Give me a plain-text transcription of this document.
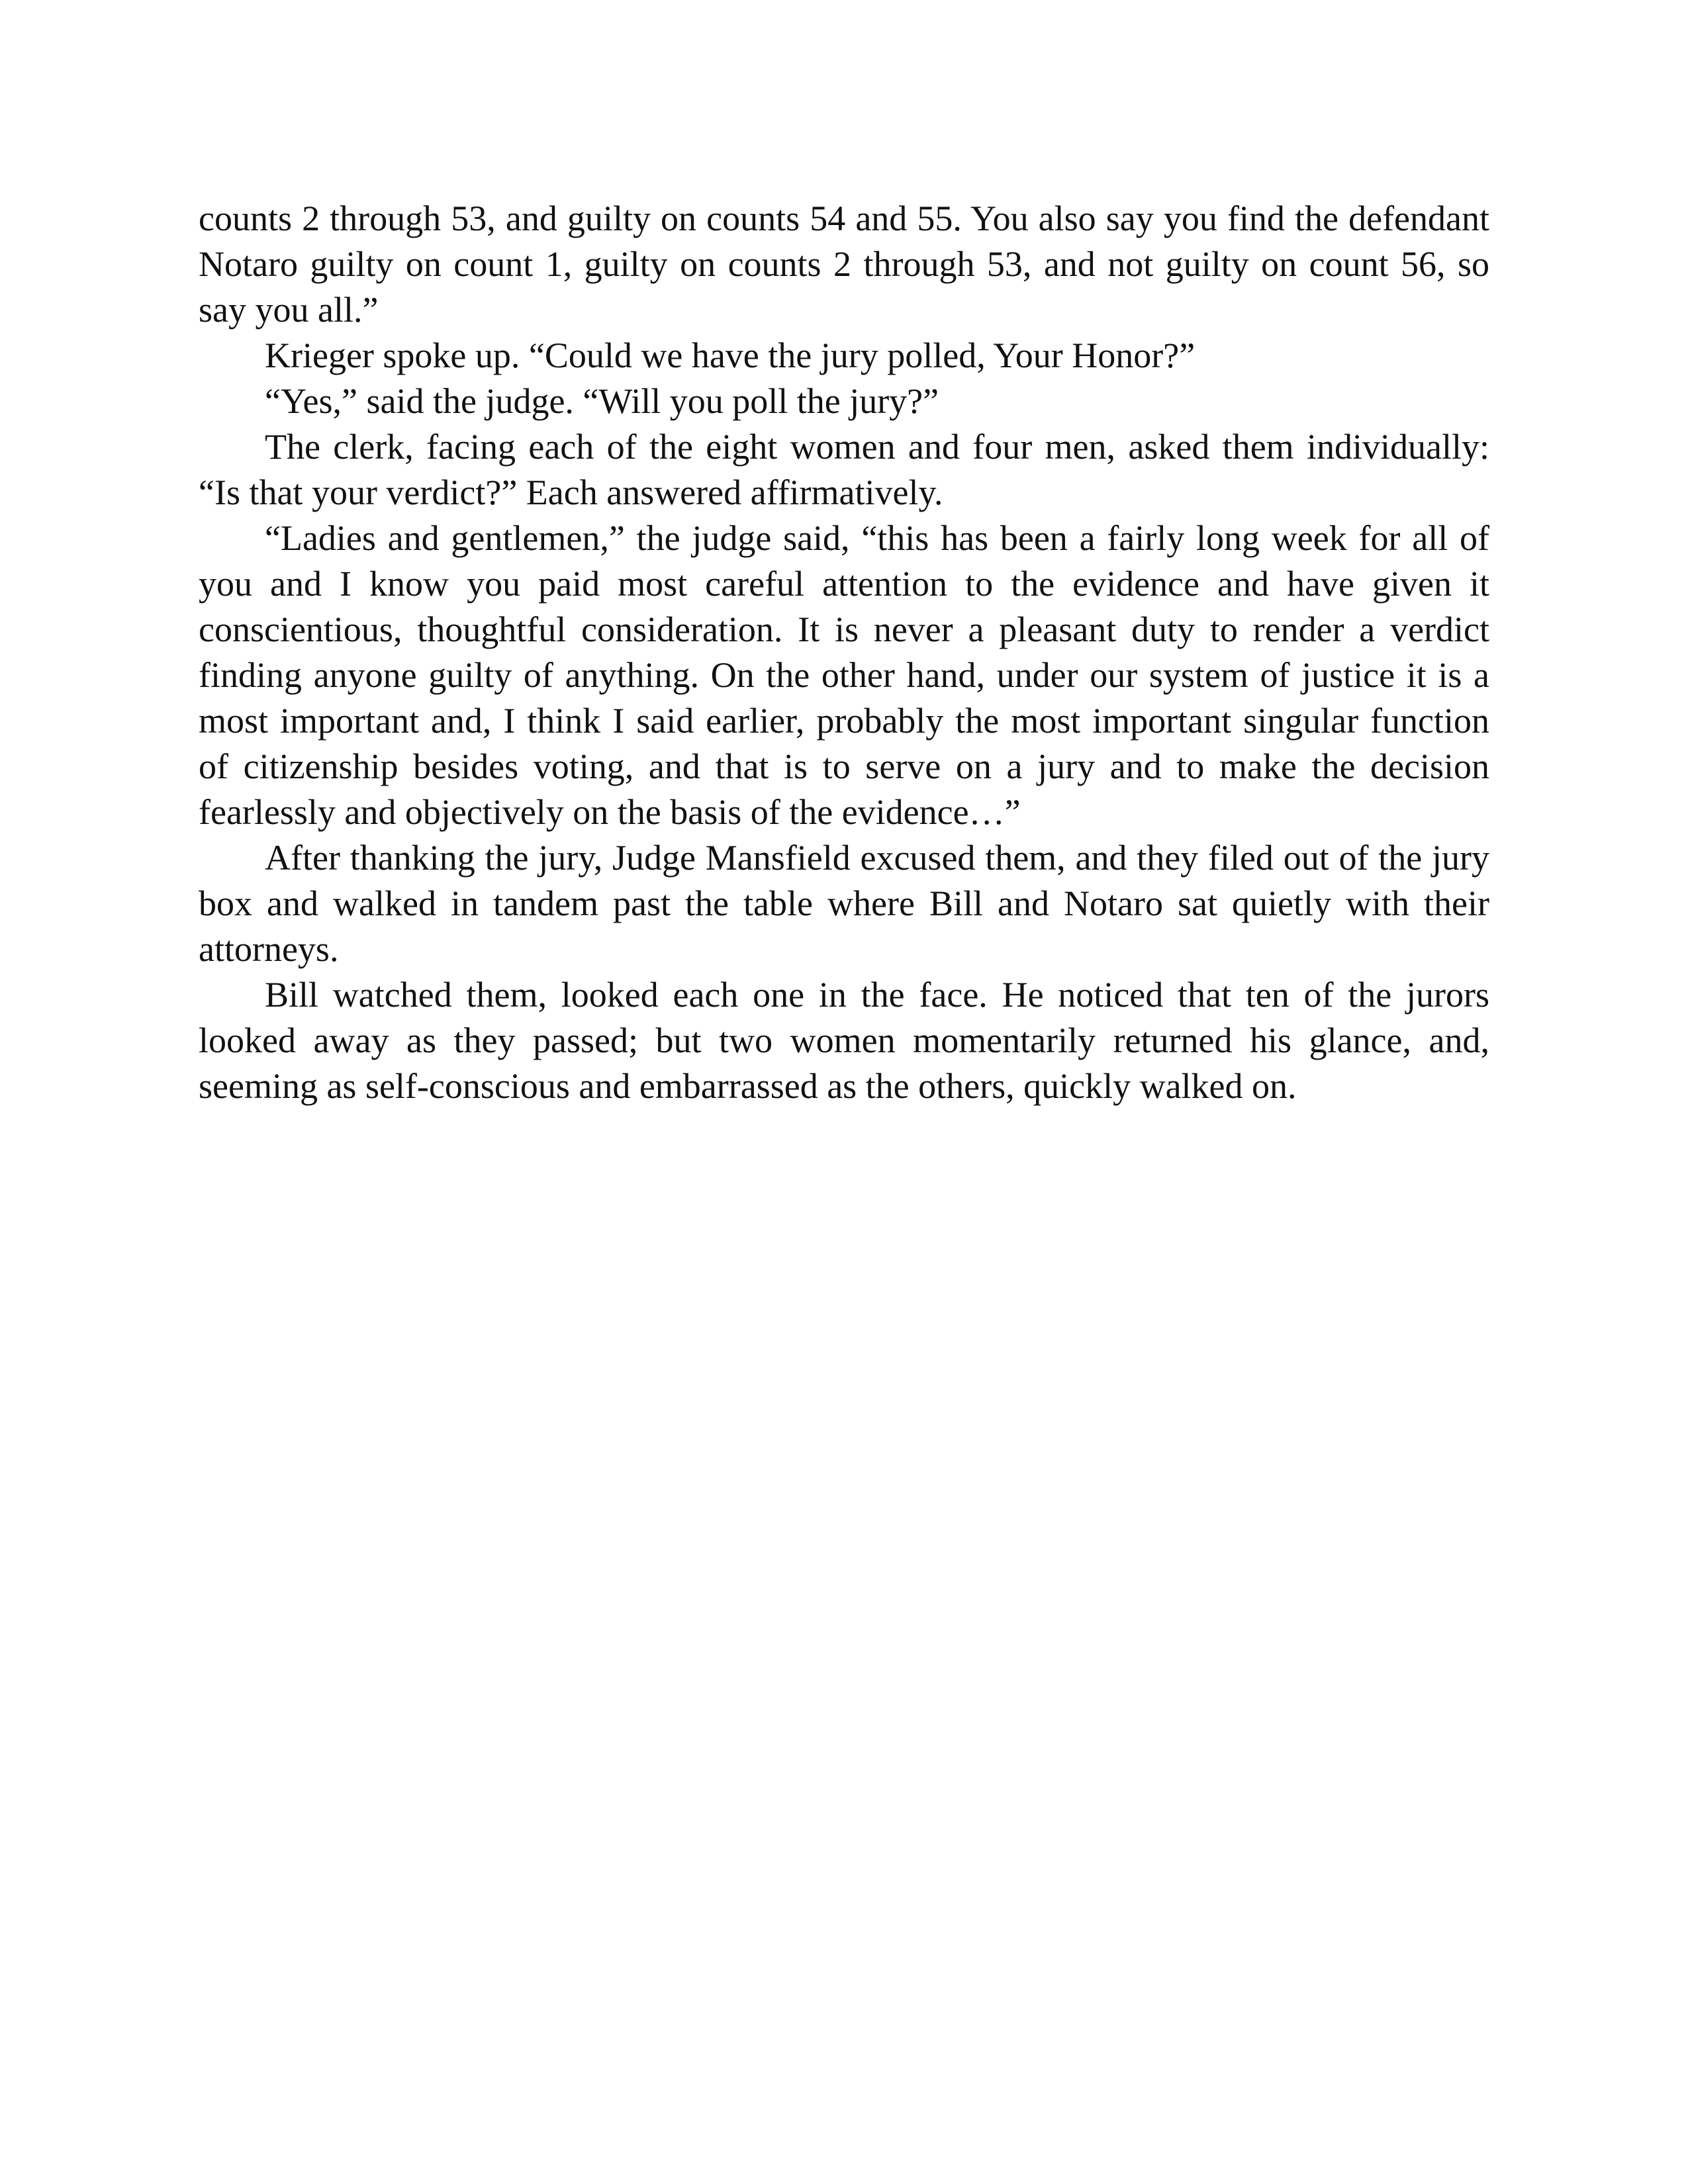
counts 2 through 53, and guilty on counts 54 and 55. You also say you find the defendant Notaro guilty on count 1, guilty on counts 2 through 53, and not guilty on count 56, so say you all.”

Krieger spoke up. “Could we have the jury polled, Your Honor?”

“Yes,” said the judge. “Will you poll the jury?”

The clerk, facing each of the eight women and four men, asked them individually: “Is that your verdict?” Each answered affirmatively.

“Ladies and gentlemen,” the judge said, “this has been a fairly long week for all of you and I know you paid most careful attention to the evidence and have given it conscientious, thoughtful consideration. It is never a pleasant duty to render a verdict finding anyone guilty of anything. On the other hand, under our system of justice it is a most important and, I think I said earlier, probably the most important singular function of citizenship besides voting, and that is to serve on a jury and to make the decision fearlessly and objectively on the basis of the evidence…”

After thanking the jury, Judge Mansfield excused them, and they filed out of the jury box and walked in tandem past the table where Bill and Notaro sat quietly with their attorneys.

Bill watched them, looked each one in the face. He noticed that ten of the jurors looked away as they passed; but two women momentarily returned his glance, and, seeming as self-conscious and embarrassed as the others, quickly walked on.
